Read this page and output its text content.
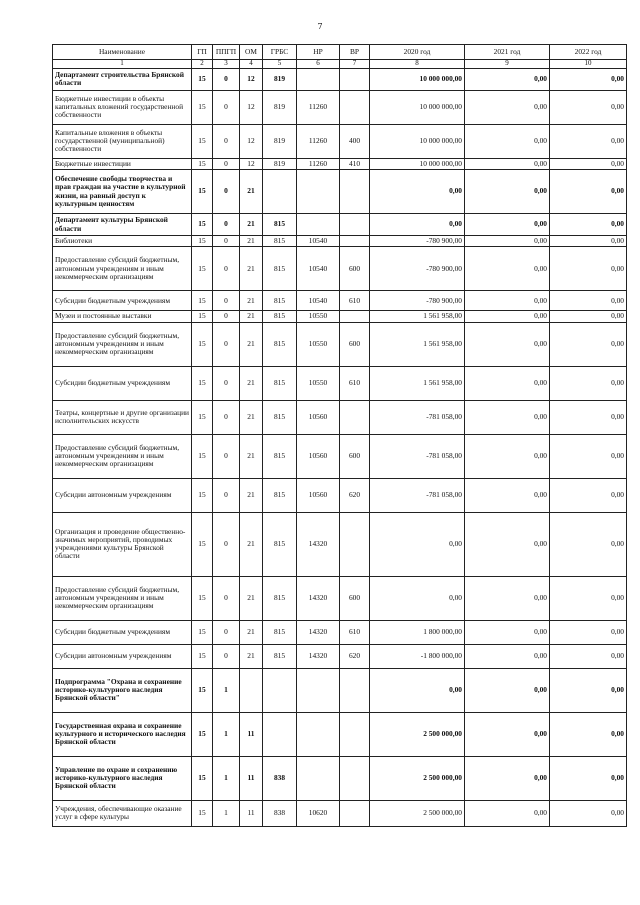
7
Наименование	ГП	ППГП	ОМ	ГРБС	НР	ВР	2020 год	2021 год	2022 год
1	2	3	4	5	6	7	8	9	10
Департамент строительства Брянской области	15	0	12	819			10 000 000,00	0,00	0,00
Бюджетные инвестиции в объекты капитальных вложений государственной собственности	15	0	12	819	11260		10 000 000,00	0,00	0,00
Капитальные вложения в объекты государственной (муниципальной) собственности	15	0	12	819	11260	400	10 000 000,00	0,00	0,00
Бюджетные инвестиции	15	0	12	819	11260	410	10 000 000,00	0,00	0,00
Обеспечение свободы творчества и прав граждан на участие в культурной жизни, на равный доступ к культурным ценностям	15	0	21				0,00	0,00	0,00
Департамент культуры Брянской области	15	0	21	815			0,00	0,00	0,00
Библиотеки	15	0	21	815	10540		-780 900,00	0,00	0,00
Предоставление субсидий бюджетным, автономным учреждениям и иным некоммерческим организациям	15	0	21	815	10540	600	-780 900,00	0,00	0,00
Субсидии бюджетным учреждениям	15	0	21	815	10540	610	-780 900,00	0,00	0,00
Музеи и постоянные выставки	15	0	21	815	10550		1 561 958,00	0,00	0,00
Предоставление субсидий бюджетным, автономным учреждениям и иным некоммерческим организациям	15	0	21	815	10550	600	1 561 958,00	0,00	0,00
Субсидии бюджетным учреждениям	15	0	21	815	10550	610	1 561 958,00	0,00	0,00
Театры, концертные и другие организации исполнительских искусств	15	0	21	815	10560		-781 058,00	0,00	0,00
Предоставление субсидий бюджетным, автономным учреждениям и иным некоммерческим организациям	15	0	21	815	10560	600	-781 058,00	0,00	0,00
Субсидии автономным учреждениям	15	0	21	815	10560	620	-781 058,00	0,00	0,00
Организация и проведение общественно-значимых мероприятий, проводимых учреждениями культуры Брянской области	15	0	21	815	14320		0,00	0,00	0,00
Предоставление субсидий бюджетным, автономным учреждениям и иным некоммерческим организациям	15	0	21	815	14320	600	0,00	0,00	0,00
Субсидии бюджетным учреждениям	15	0	21	815	14320	610	1 800 000,00	0,00	0,00
Субсидии автономным учреждениям	15	0	21	815	14320	620	-1 800 000,00	0,00	0,00
Подпрограмма "Охрана и сохранение историко-культурного наследия Брянской области"	15	1					0,00	0,00	0,00
Государственная охрана и сохранение культурного и исторического наследия Брянской области	15	1	11				2 500 000,00	0,00	0,00
Управление по охране и сохранению историко-культурного наследия Брянской области	15	1	11	838			2 500 000,00	0,00	0,00
Учреждения, обеспечивающие оказание услуг в сфере культуры	15	1	11	838	10620		2 500 000,00	0,00	0,00
